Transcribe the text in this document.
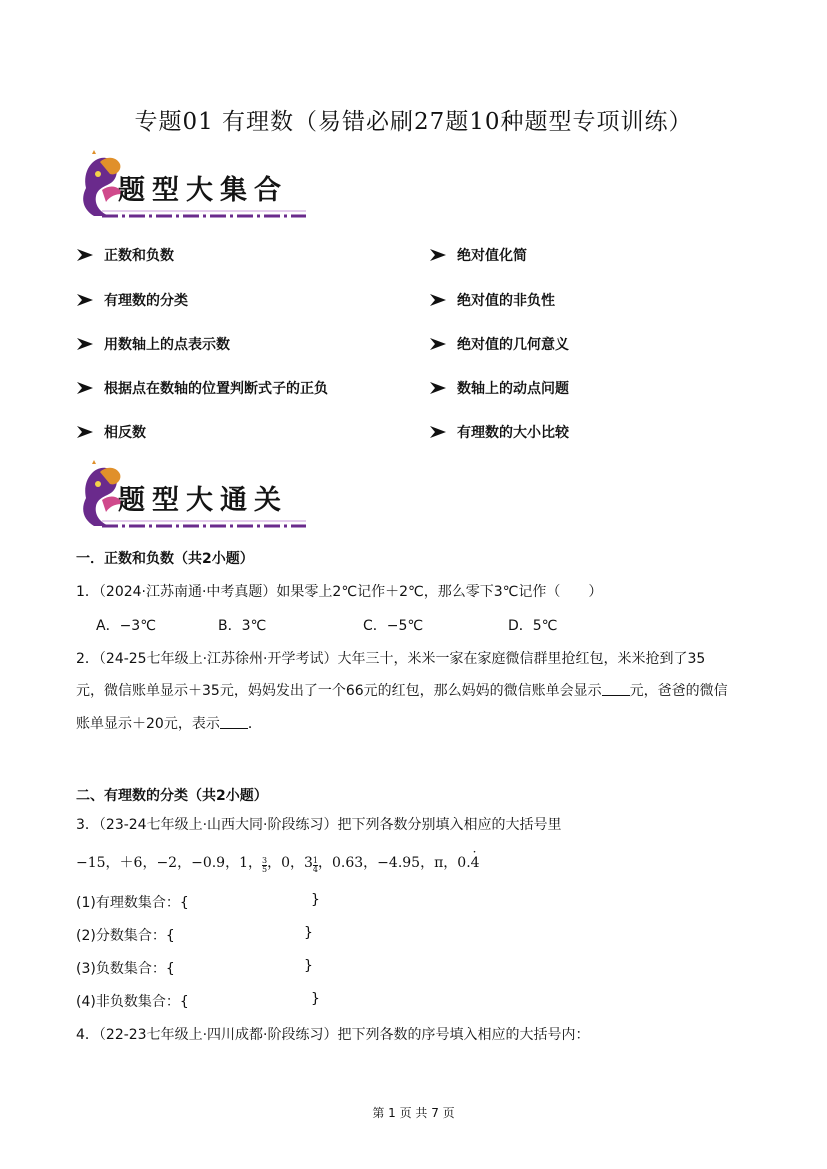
专题01 有理数（易错必刷27题10种题型专项训练）
题型大集合
正数和负数
有理数的分类
用数轴上的点表示数
根据点在数轴的位置判断式子的正负
相反数
绝对值化简
绝对值的非负性
绝对值的几何意义
数轴上的动点问题
有理数的大小比较
题型大通关
一．正数和负数（共2小题）
1．（2024·江苏南通·中考真题）如果零上2℃记作＋2℃，那么零下3℃记作（　　）
A．−3℃	B．3℃	C．−5℃	D．5℃
2．（24-25七年级上·江苏徐州·开学考试）大年三十，米米一家在家庭微信群里抢红包，米米抢到了35
元，微信账单显示＋35元，妈妈发出了一个66元的红包，那么妈妈的微信账单会显示 元，爸爸的微信
账单显示＋20元，表示 ．
二、有理数的分类（共2小题）
3．（23-24七年级上·山西大同·阶段练习）把下列各数分别填入相应的大括号里
−15，＋6，−2，−0.9，1， $\frac{3}{5}$ ，0，$3 \frac{1}{4}$ ，0.63，−4.95，π，0.4
·
(1)有理数集合：{	}
(2)分数集合：{	}
(3)负数集合：{	}
(4)非负数集合：{	}
4．（22-23七年级上·四川成都·阶段练习）把下列各数的序号填入相应的大括号内：
第 1 页 共 7 页
